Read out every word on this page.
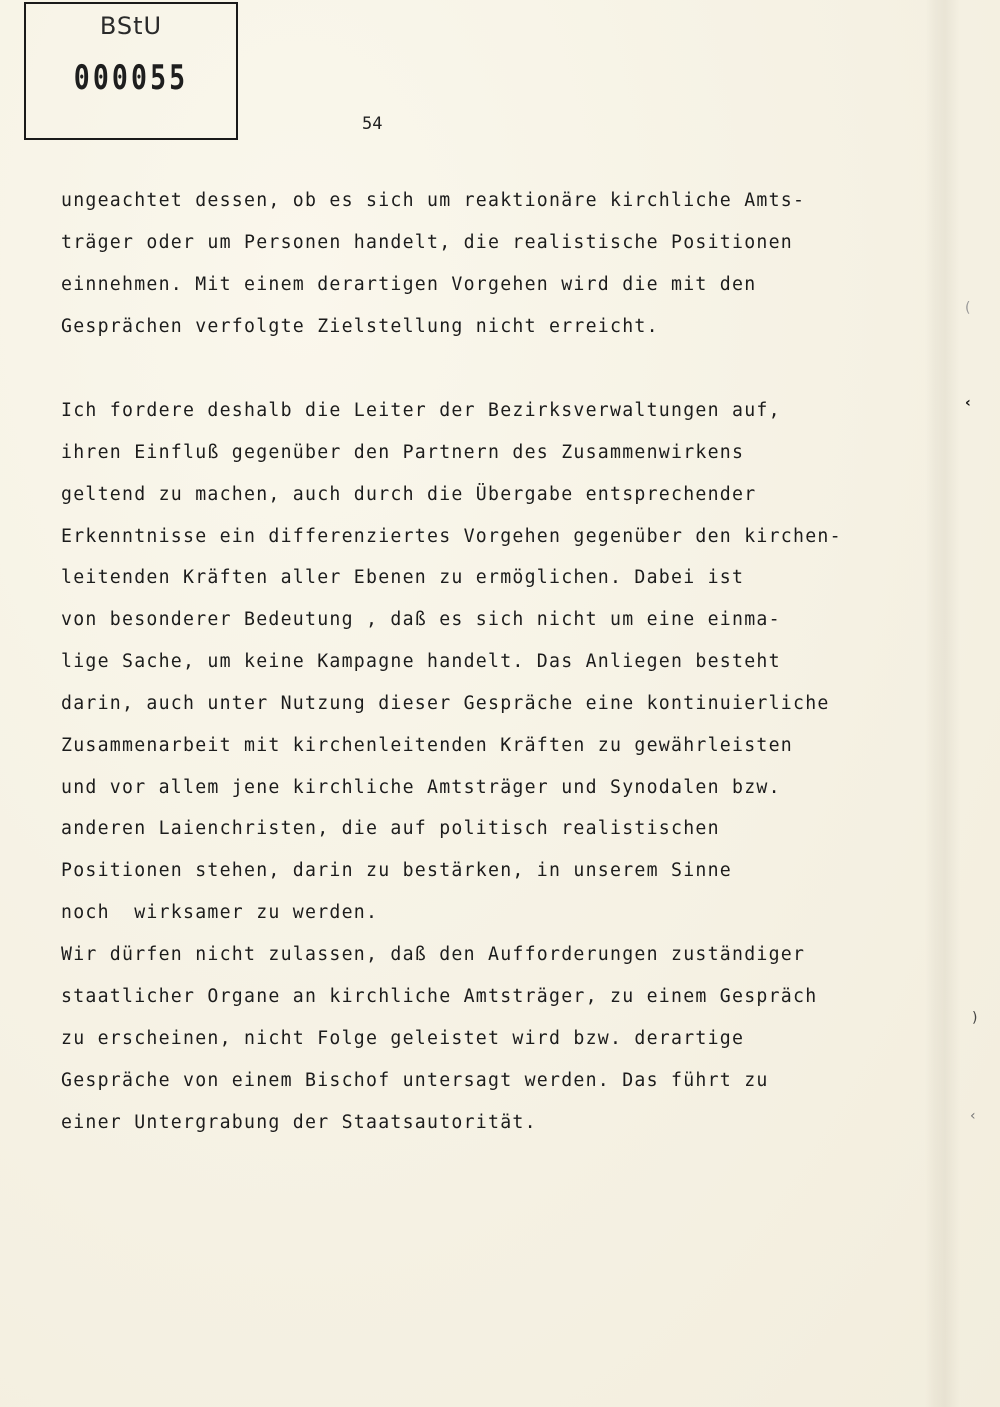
BStU
000055
54
ungeachtet dessen, ob es sich um reaktionäre kirchliche Amts-
träger oder um Personen handelt, die realistische Positionen
einnehmen. Mit einem derartigen Vorgehen wird die mit den
Gesprächen verfolgte Zielstellung nicht erreicht.
Ich fordere deshalb die Leiter der Bezirksverwaltungen auf,
ihren Einfluß gegenüber den Partnern des Zusammenwirkens
geltend zu machen, auch durch die Übergabe entsprechender
Erkenntnisse ein differenziertes Vorgehen gegenüber den kirchen-
leitenden Kräften aller Ebenen zu ermöglichen. Dabei ist
von besonderer Bedeutung , daß es sich nicht um eine einma-
lige Sache, um keine Kampagne handelt. Das Anliegen besteht
darin, auch unter Nutzung dieser Gespräche eine kontinuierliche
Zusammenarbeit mit kirchenleitenden Kräften zu gewährleisten
und vor allem jene kirchliche Amtsträger und Synodalen bzw.
anderen Laienchristen, die auf politisch realistischen
Positionen stehen, darin zu bestärken, in unserem Sinne
noch  wirksamer zu werden.
Wir dürfen nicht zulassen, daß den Aufforderungen zuständiger
staatlicher Organe an kirchliche Amtsträger, zu einem Gespräch
zu erscheinen, nicht Folge geleistet wird bzw. derartige
Gespräche von einem Bischof untersagt werden. Das führt zu
einer Untergrabung der Staatsautorität.
(
‹
)
‹
